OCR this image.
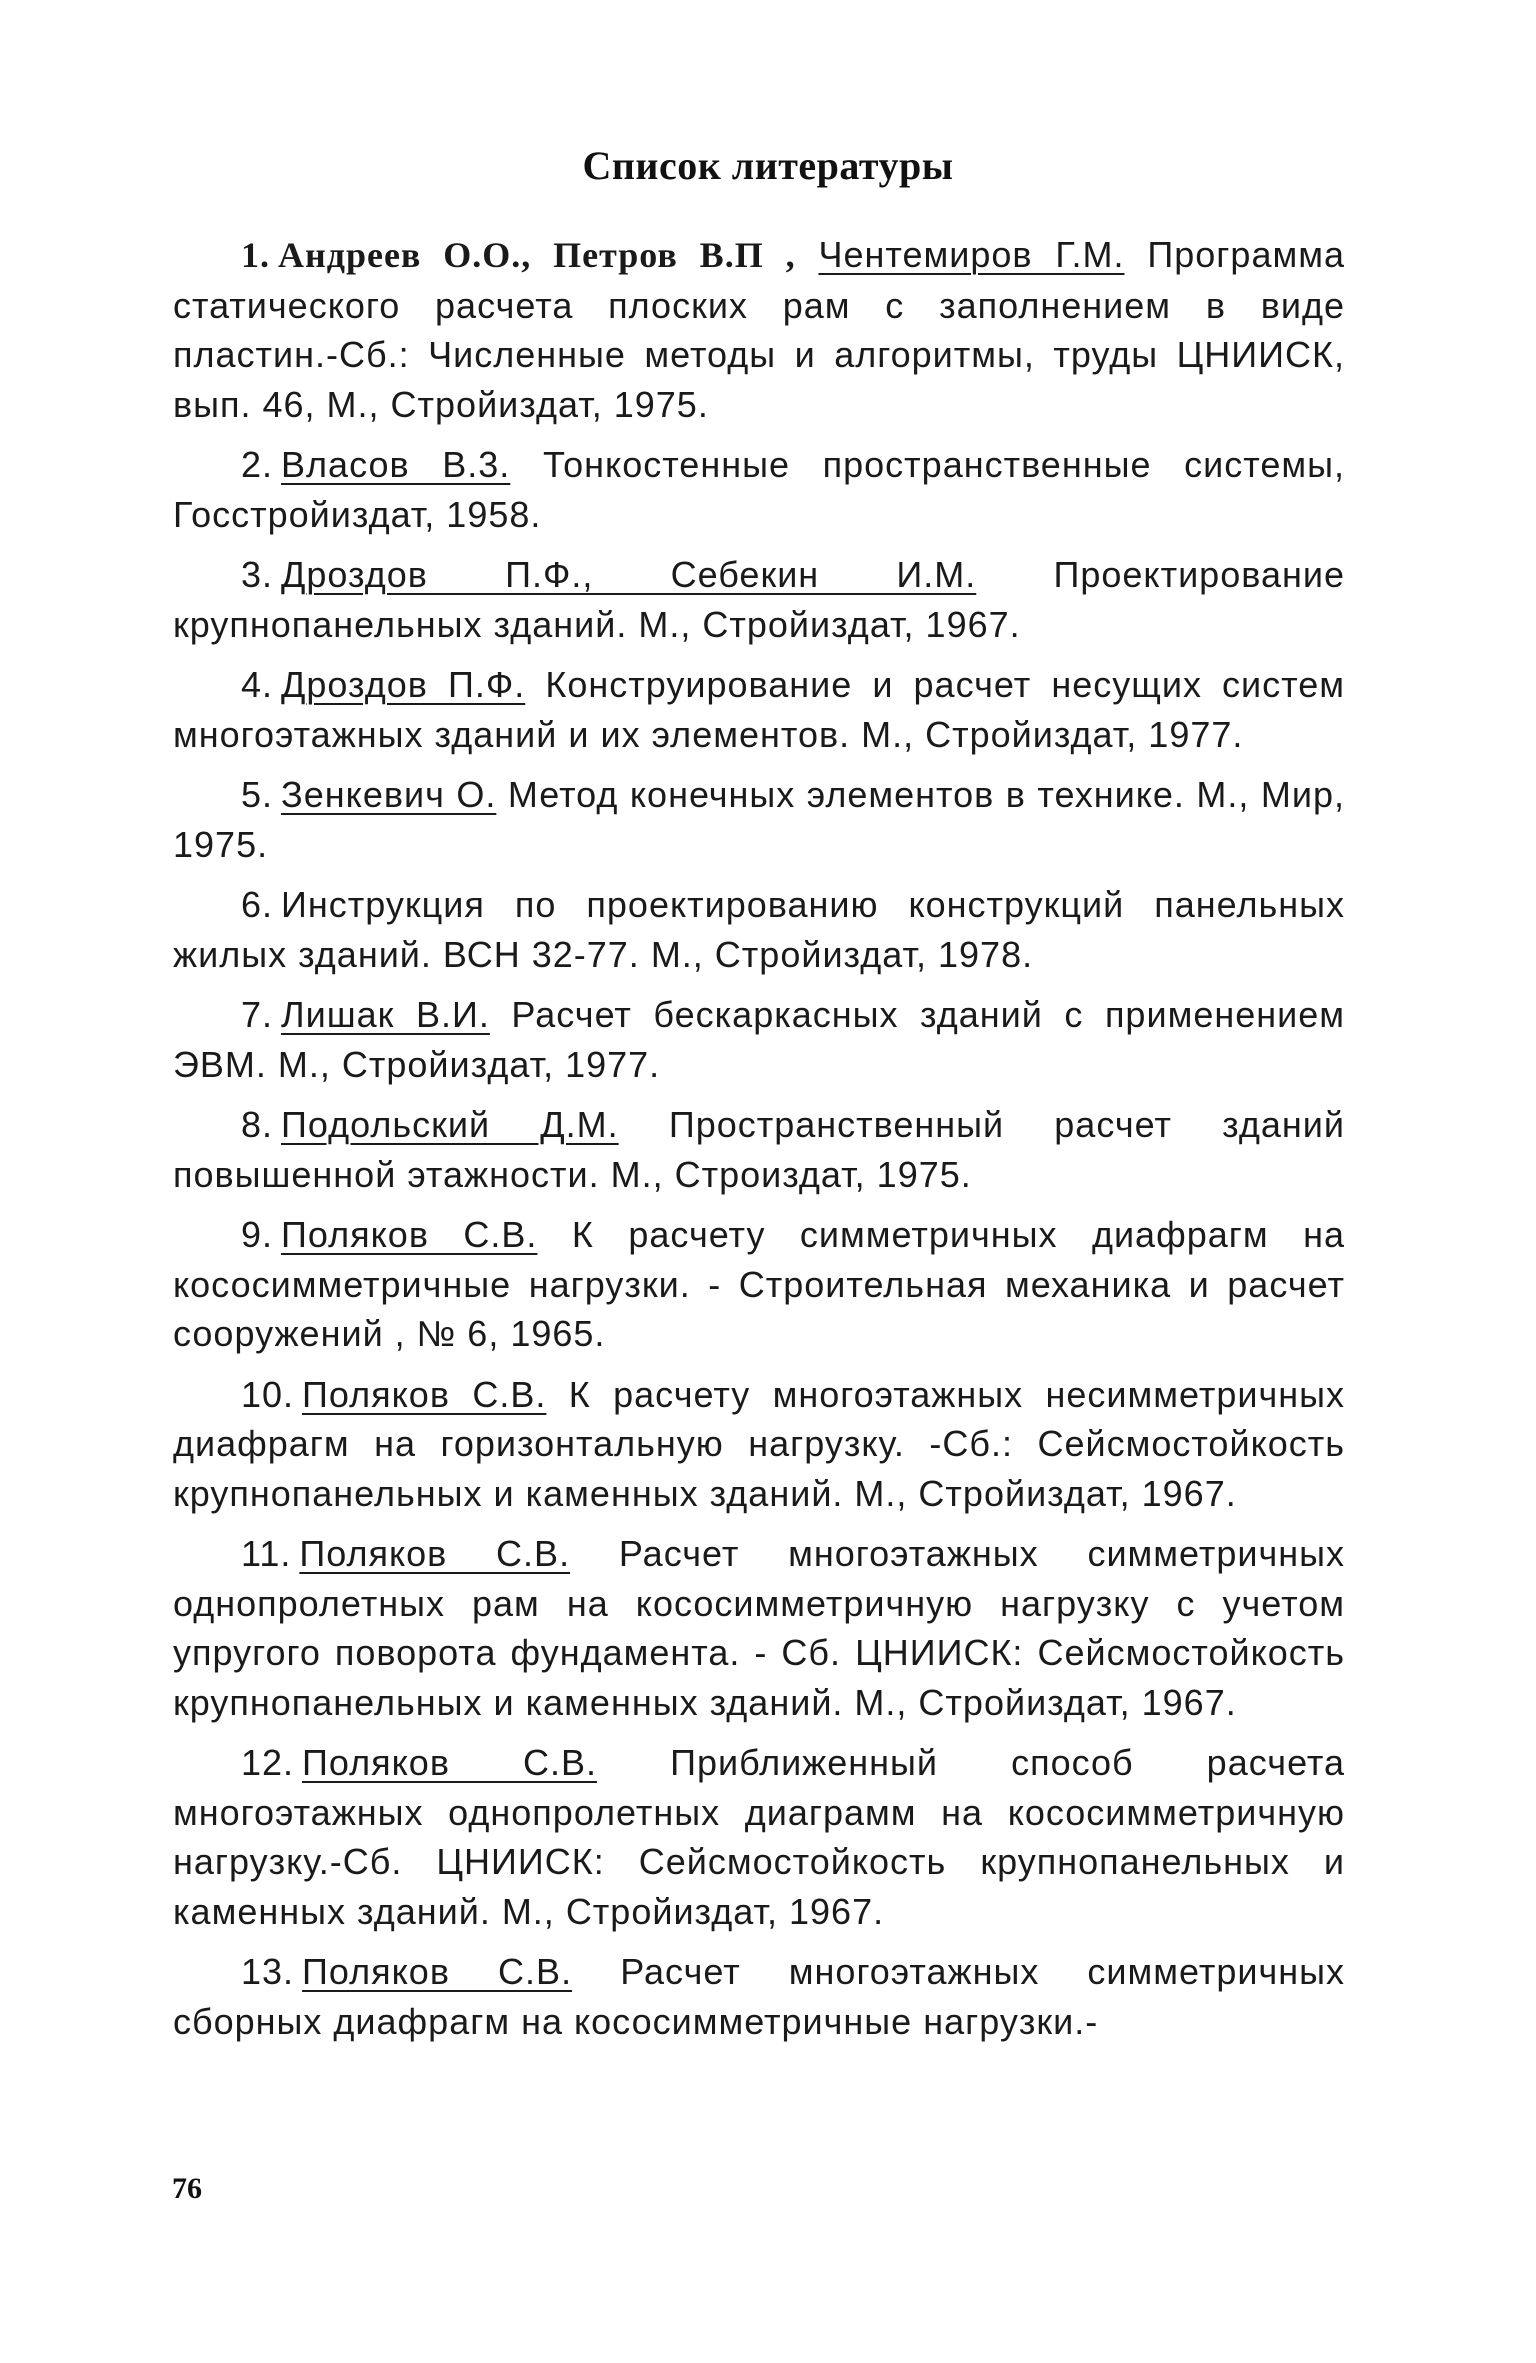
Список литературы

1. Андреев О.О., Петров В.П , Чентемиров Г.М. Программа статического расчета плоских рам с заполнением в виде пластин.-Сб.: Численные методы и алгоритмы, труды ЦНИИСК, вып. 46, М., Стройиздат, 1975.

2. Власов В.3. Тонкостенные пространственные системы, Госстройиздат, 1958.

3. Дроздов П.Ф., Себекин И.М. Проектирование крупнопанельных зданий. М., Стройиздат, 1967.

4. Дроздов П.Ф. Конструирование и расчет несущих систем многоэтажных зданий и их элементов. М., Стройиздат, 1977.

5. Зенкевич О. Метод конечных элементов в технике. М., Мир, 1975.

6. Инструкция по проектированию конструкций панельных жилых зданий. ВСН 32-77. М., Стройиздат, 1978.

7. Лишак В.И. Расчет бескаркасных зданий с применением ЭВМ. М., Стройиздат, 1977.

8. Подольский Д.М. Пространственный расчет зданий повышенной этажности. М., Строиздат, 1975.

9. Поляков С.В. К расчету симметричных диафрагм на кососимметричные нагрузки. - Строительная механика и расчет сооружений , № 6, 1965.

10. Поляков С.В. К расчету многоэтажных несимметричных диафрагм на горизонтальную нагрузку. -Сб.: Сейсмостойкость крупнопанельных и каменных зданий. М., Стройиздат, 1967.

11. Поляков С.В. Расчет многоэтажных симметричных однопролетных рам на кососимметричную нагрузку с учетом упругого поворота фундамента. - Сб. ЦНИИСК: Сейсмостойкость крупнопанельных и каменных зданий. М., Стройиздат, 1967.

12. Поляков С.В. Приближенный способ расчета многоэтажных однопролетных диаграмм на кососимметричную нагрузку.-Сб. ЦНИИСК: Сейсмостойкость крупнопанельных и каменных зданий. М., Стройиздат, 1967.

13. Поляков С.В. Расчет многоэтажных симметричных сборных диафрагм на кососимметричные нагрузки.-

76
